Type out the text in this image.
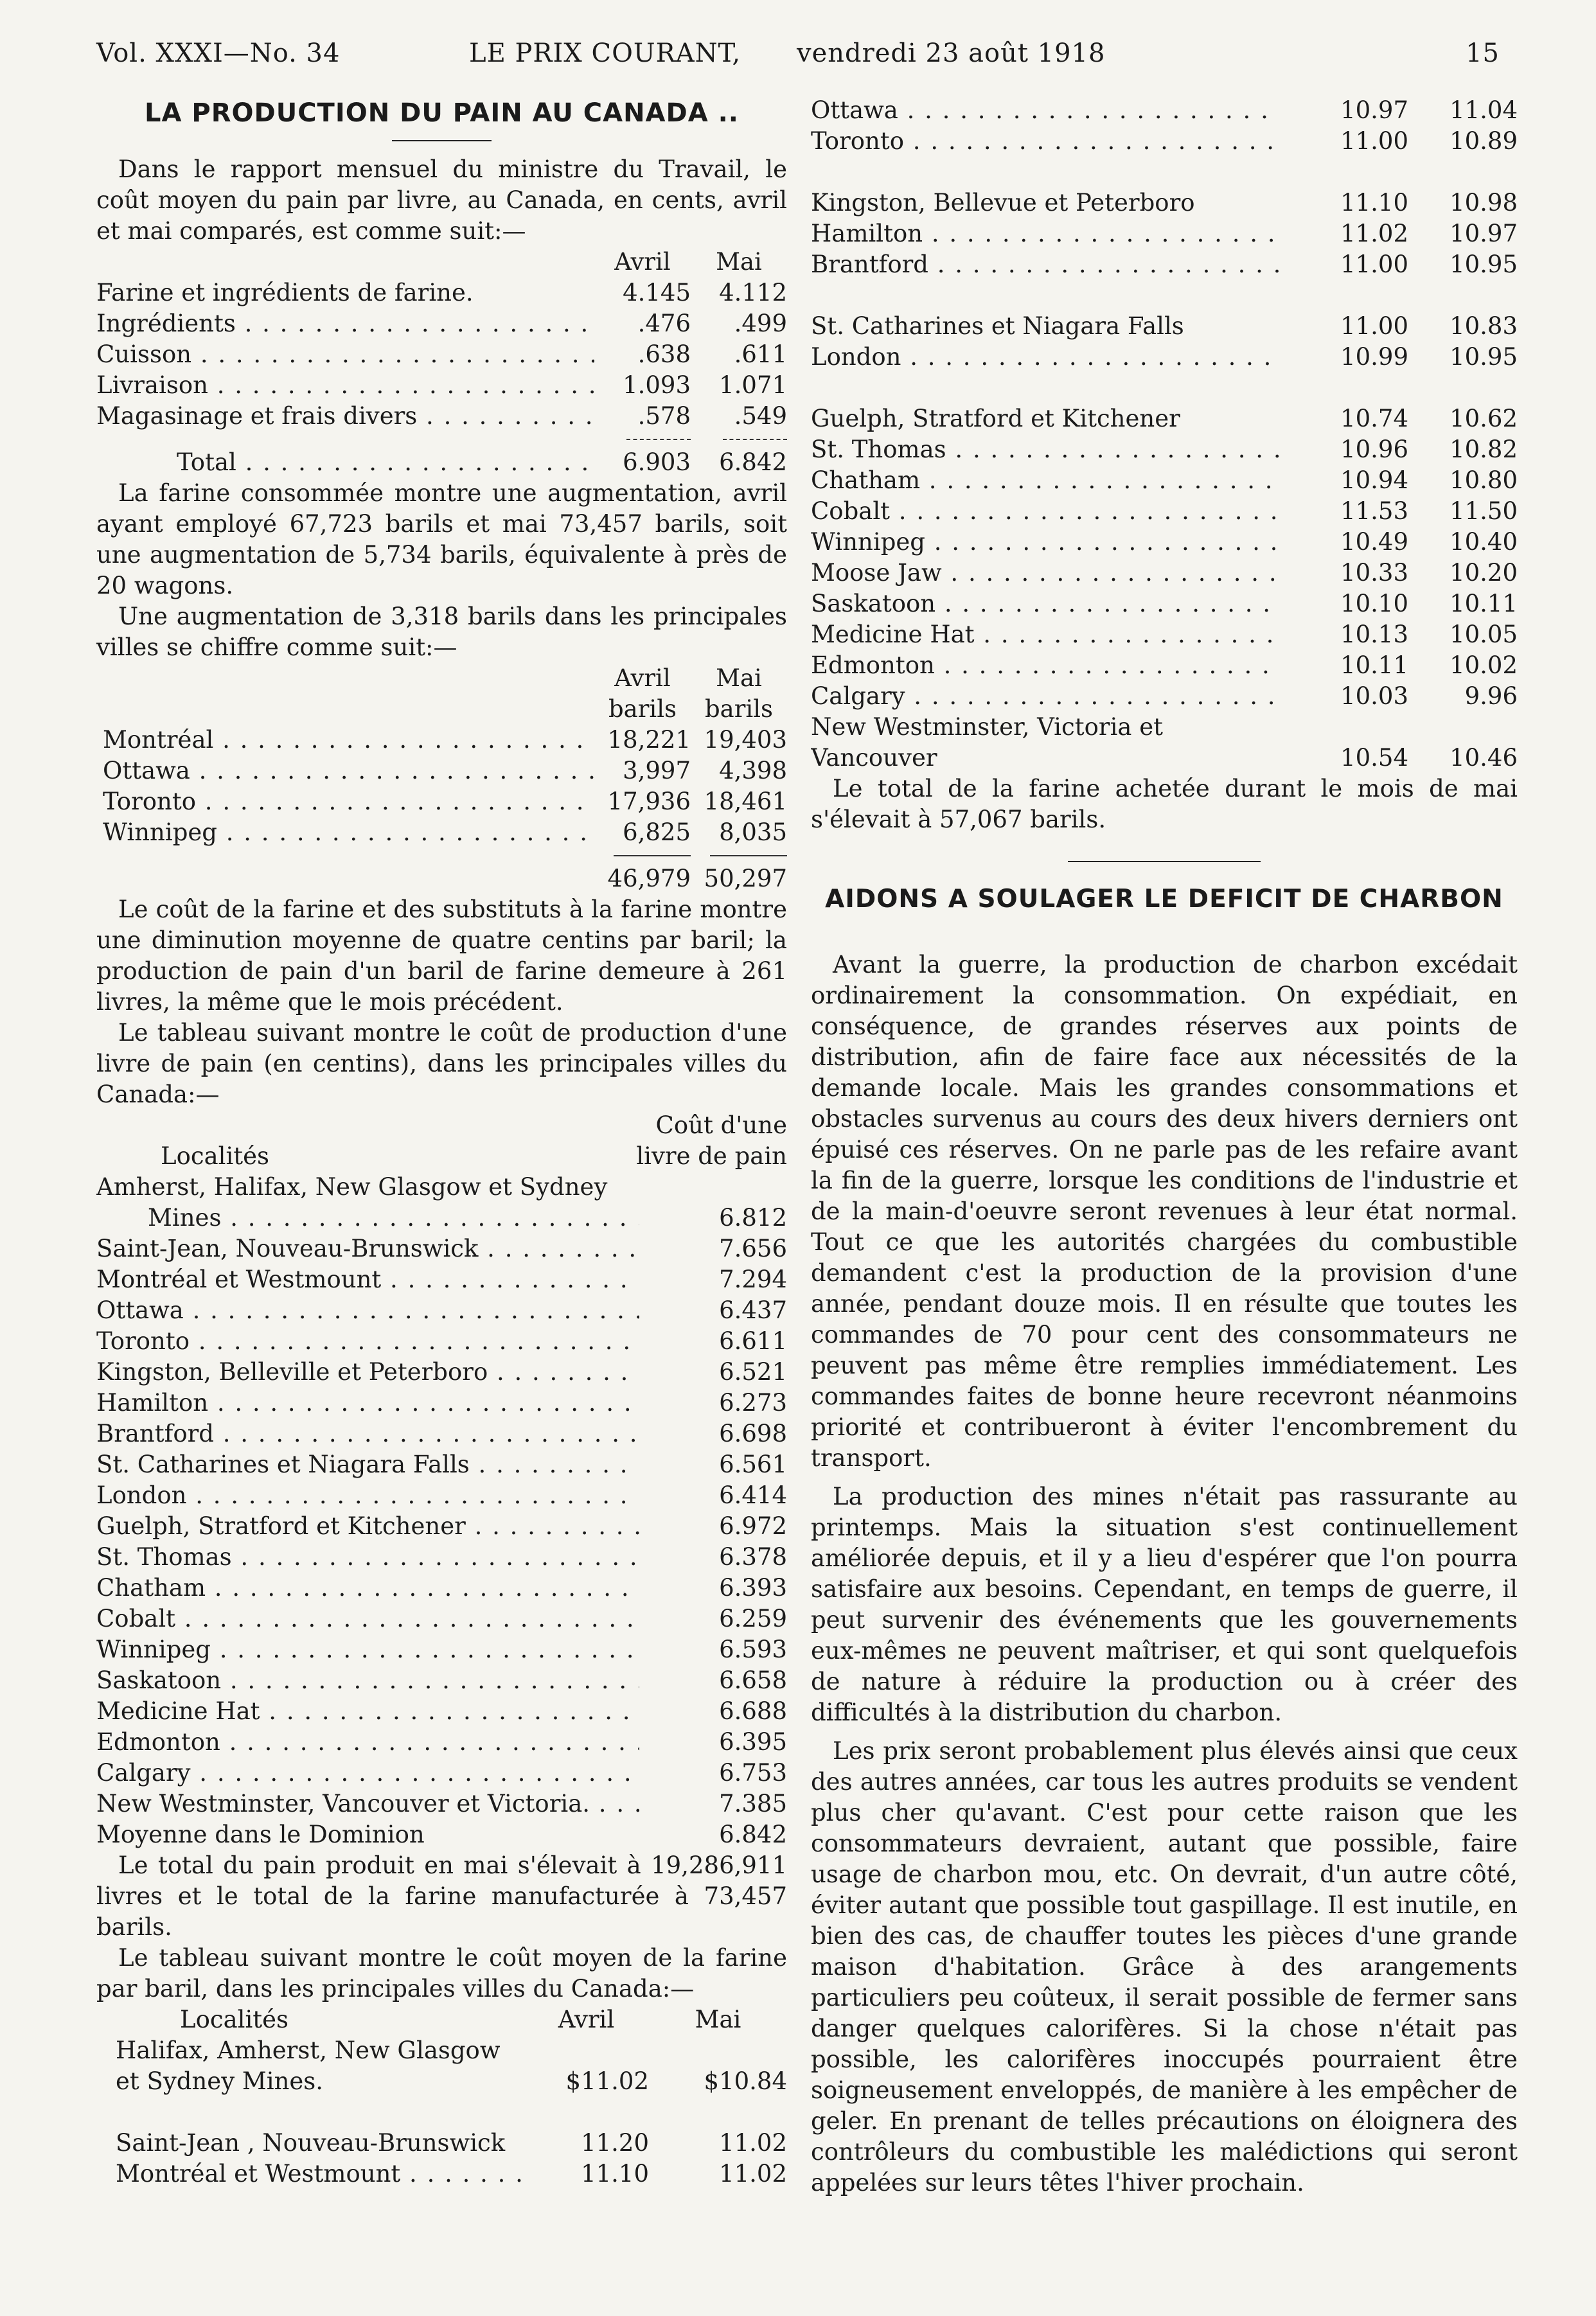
Vol. XXXI—No. 34	LE PRIX COURANT, vendredi 23 août 1918	15
LA PRODUCTION DU PAIN AU CANADA ..

Dans le rapport mensuel du ministre du Travail, le coût moyen du pain par livre, au Canada, en cents, avril et mai comparés, est comme suit:—

Avril	Mai
Farine et ingrédients de farine.	4.145	4.112
Ingrédients . . .	.476	.499
Cuisson . . .	.638	.611
Livraison . . .	1.093	1.071
Magasinage et frais divers . . .	.578	.549
Total . . .	6.903	6.842

La farine consommée montre une augmentation, avril ayant employé 67,723 barils et mai 73,457 barils, soit une augmentation de 5,734 barils, équivalente à près de 20 wagons.

Une augmentation de 3,318 barils dans les principales villes se chiffre comme suit:—

Avril	Mai
barils	barils
Montréal . . .	18,221 19,403
Ottawa . . .	3,997	4,398
Toronto . . .	17,936 18,461
Winnipeg . . .	6,825	8,035
46,979 50,297

Le coût de la farine et des substituts à la farine montre une diminution moyenne de quatre centins par baril; la production de pain d'un baril de farine demeure à 261 livres, la même que le mois précédent.

Le tableau suivant montre le coût de production d'une livre de pain (en centins), dans les principales villes du Canada:—

Coût d'une
Localités	livre de pain
Amherst, Halifax, New Glasgow et Sydney
Mines . . .	6.812
Saint-Jean, Nouveau-Brunswick . . .	7.656
Montréal et Westmount . . .	7.294
Ottawa . . .	6.437
Toronto . . .	6.611
Kingston, Belleville et Peterboro . . .	6.521
Hamilton . . .	6.273
Brantford . . .	6.698
St. Catharines et Niagara Falls . . .	6.561
London . . .	6.414
Guelph, Stratford et Kitchener . . .	6.972
St. Thomas . . .	6.378
Chatham . . .	6.393
Cobalt . . .	6.259
Winnipeg . . .	6.593
Saskatoon . . .	6.658
Medicine Hat . . .	6.688
Edmonton . . .	6.395
Calgary . . .	6.753
New Westminster, Vancouver et Victoria. . . .	7.385
Moyenne dans le Dominion	6.842

Le total du pain produit en mai s'élevait à 19,286,911 livres et le total de la farine manufacturée à 73,457 barils.

Le tableau suivant montre le coût moyen de la farine par baril, dans les principales villes du Canada:—

Localités	Avril	Mai
Halifax, Amherst, New Glasgow et Sydney Mines.	$11.02	$10.84
Saint-Jean , Nouveau-Brunswick	11.20	11.02
Montréal et Westmount . . .	11.10	11.02
Ottawa . . .	10.97	11.04
Toronto . . .	11.00	10.89
Kingston, Bellevue et Peterboro	11.10	10.98
Hamilton . . .	11.02	10.97
Brantford . . .	11.00	10.95
St. Catharines et Niagara Falls	11.00	10.83
London . . .	10.99	10.95
Guelph, Stratford et Kitchener	10.74	10.62
St. Thomas . . .	10.96	10.82
Chatham . . .	10.94	10.80
Cobalt . . .	11.53	11.50
Winnipeg . . .	10.49	10.40
Moose Jaw . . .	10.33	10.20
Saskatoon . . .	10.10	10.11
Medicine Hat . . .	10.13	10.05
Edmonton . . .	10.11	10.02
Calgary . . .	10.03	9.96
New Westminster, Victoria et Vancouver	10.54	10.46

Le total de la farine achetée durant le mois de mai s'élevait à 57,067 barils.

AIDONS A SOULAGER LE DEFICIT DE CHARBON

Avant la guerre, la production de charbon excédait ordinairement la consommation. On expédiait, en conséquence, de grandes réserves aux points de distribution, afin de faire face aux nécessités de la demande locale. Mais les grandes consommations et obstacles survenus au cours des deux hivers derniers ont épuisé ces réserves. On ne parle pas de les refaire avant la fin de la guerre, lorsque les conditions de l'industrie et de la main-d'oeuvre seront revenues à leur état normal. Tout ce que les autorités chargées du combustible demandent c'est la production de la provision d'une année, pendant douze mois. Il en résulte que toutes les commandes de 70 pour cent des consommateurs ne peuvent pas même être remplies immédiatement. Les commandes faites de bonne heure recevront néanmoins priorité et contribueront à éviter l'encombrement du transport.

La production des mines n'était pas rassurante au printemps. Mais la situation s'est continuellement améliorée depuis, et il y a lieu d'espérer que l'on pourra satisfaire aux besoins. Cependant, en temps de guerre, il peut survenir des événements que les gouvernements eux-mêmes ne peuvent maîtriser, et qui sont quelquefois de nature à réduire la production ou à créer des difficultés à la distribution du charbon.

Les prix seront probablement plus élevés ainsi que ceux des autres années, car tous les autres produits se vendent plus cher qu'avant. C'est pour cette raison que les consommateurs devraient, autant que possible, faire usage de charbon mou, etc. On devrait, d'un autre côté, éviter autant que possible tout gaspillage. Il est inutile, en bien des cas, de chauffer toutes les pièces d'une grande maison d'habitation. Grâce à des arangements particuliers peu coûteux, il serait possible de fermer sans danger quelques calorifères. Si la chose n'était pas possible, les calorifères inoccupés pourraient être soigneusement enveloppés, de manière à les empêcher de geler. En prenant de telles précautions on éloignera des contrôleurs du combustible les malédictions qui seront appelées sur leurs têtes l'hiver prochain.
